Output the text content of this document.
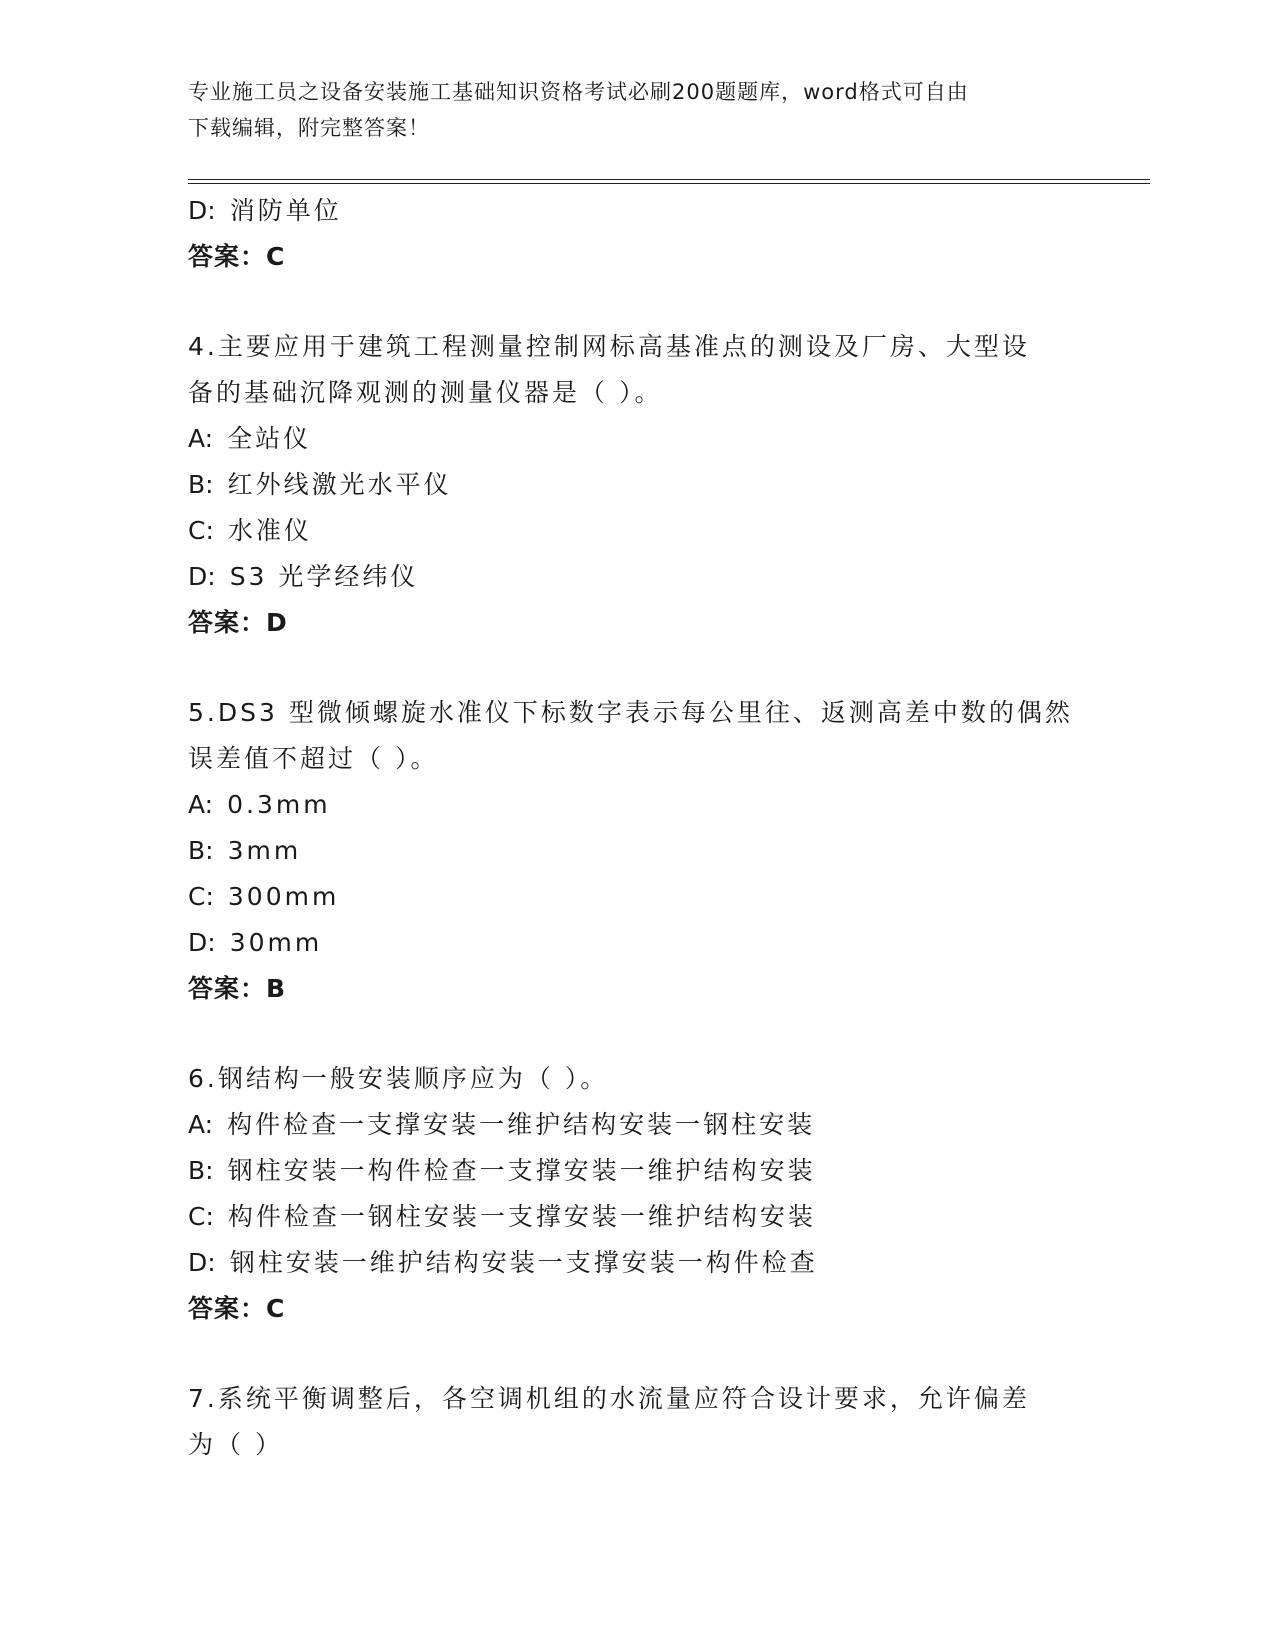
专业施工员之设备安装施工基础知识资格考试必刷200题题库，word格式可自由
下载编辑，附完整答案！
D: 消防单位
答案：C
4.主要应用于建筑工程测量控制网标高基准点的测设及厂房、大型设
备的基础沉降观测的测量仪器是（ ）。
A: 全站仪
B: 红外线激光水平仪
C: 水准仪
D: S3 光学经纬仪
答案：D
5.DS3 型微倾螺旋水准仪下标数字表示每公里往、返测高差中数的偶然
误差值不超过（ ）。
A: 0.3mm
B: 3mm
C: 300mm
D: 30mm
答案：B
6.钢结构一般安装顺序应为（ ）。
A: 构件检查一支撑安装一维护结构安装一钢柱安装
B: 钢柱安装一构件检查一支撑安装一维护结构安装
C: 构件检查一钢柱安装一支撑安装一维护结构安装
D: 钢柱安装一维护结构安装一支撑安装一构件检查
答案：C
7.系统平衡调整后，各空调机组的水流量应符合设计要求，允许偏差
为（ ）
